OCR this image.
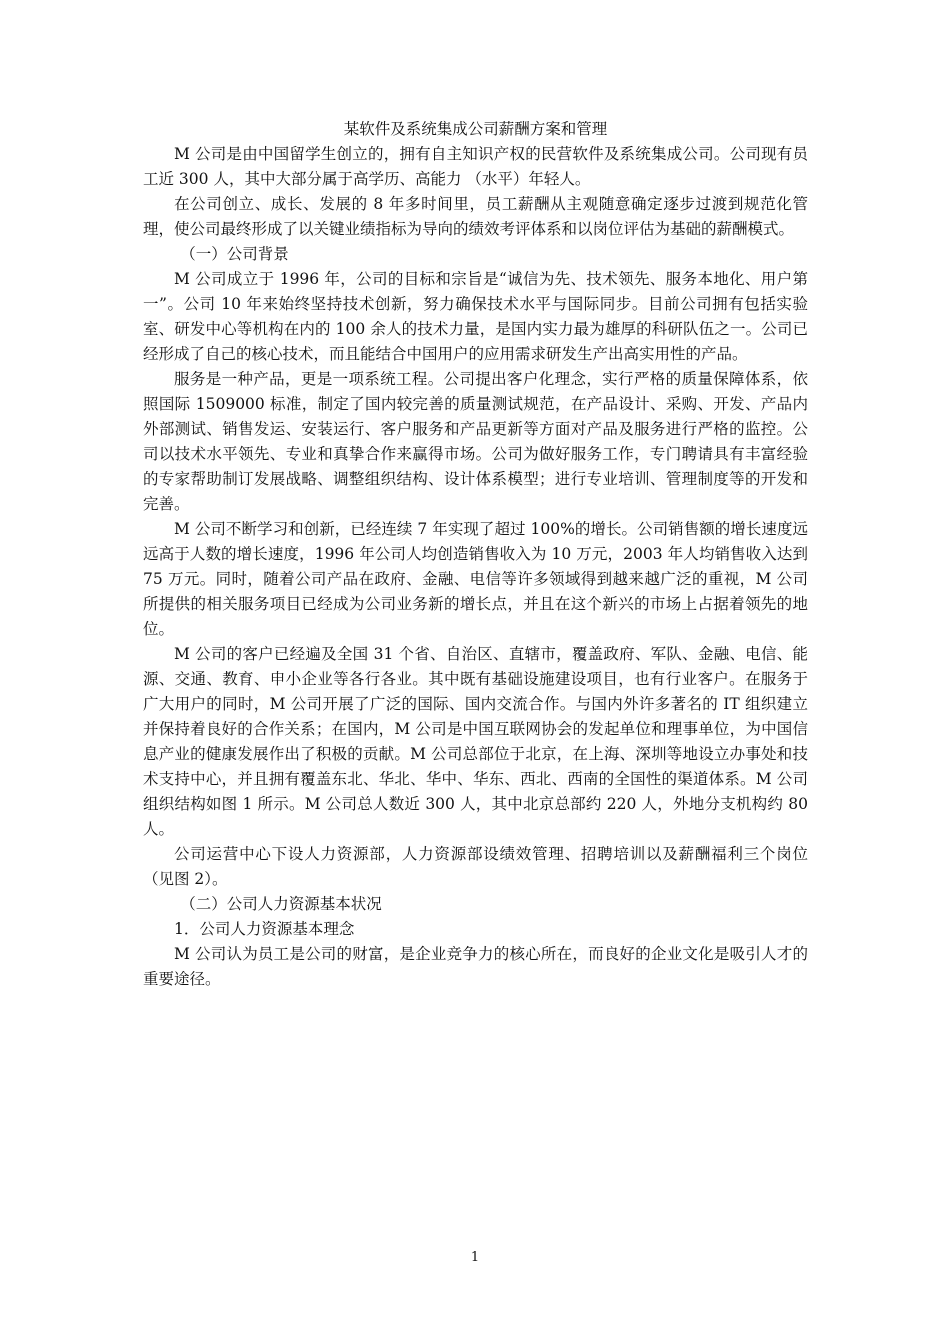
某软件及系统集成公司薪酬方案和管理

M 公司是由中国留学生创立的，拥有自主知识产权的民营软件及系统集成公司。公司现有员工近 300 人，其中大部分属于高学历、高能力 （水平）年轻人。

在公司创立、成长、发展的 8 年多时间里，员工薪酬从主观随意确定逐步过渡到规范化管理，使公司最终形成了以关键业绩指标为导向的绩效考评体系和以岗位评估为基础的薪酬模式。

（一）公司背景

M 公司成立于 1996 年，公司的目标和宗旨是“诚信为先、技术领先、服务本地化、用户第一”。公司 10 年来始终坚持技术创新，努力确保技术水平与国际同步。目前公司拥有包括实验室、研发中心等机构在内的 100 余人的技术力量，是国内实力最为雄厚的科研队伍之一。公司已经形成了自己的核心技术，而且能结合中国用户的应用需求研发生产出高实用性的产品。

服务是一种产品，更是一项系统工程。公司提出客户化理念，实行严格的质量保障体系，依照国际 1509000 标准，制定了国内较完善的质量测试规范，在产品设计、采购、开发、产品内外部测试、销售发运、安装运行、客户服务和产品更新等方面对产品及服务进行严格的监控。公司以技术水平领先、专业和真挚合作来赢得市场。公司为做好服务工作，专门聘请具有丰富经验的专家帮助制订发展战略、调整组织结构、设计体系模型；进行专业培训、管理制度等的开发和完善。

M 公司不断学习和创新，已经连续 7 年实现了超过 100%的增长。公司销售额的增长速度远远高于人数的增长速度，1996 年公司人均创造销售收入为 10 万元，2003 年人均销售收入达到 75 万元。同时，随着公司产品在政府、金融、电信等许多领域得到越来越广泛的重视，M 公司所提供的相关服务项目已经成为公司业务新的增长点，并且在这个新兴的市场上占据着领先的地位。

M 公司的客户已经遍及全国 31 个省、自治区、直辖市，覆盖政府、军队、金融、电信、能源、交通、教育、申小企业等各行各业。其中既有基础设施建设项目，也有行业客户。在服务于广大用户的同时，M 公司开展了广泛的国际、国内交流合作。与国内外许多著名的 IT 组织建立并保持着良好的合作关系；在国内，M 公司是中国互联网协会的发起单位和理事单位，为中国信息产业的健康发展作出了积极的贡献。M 公司总部位于北京，在上海、深圳等地设立办事处和技术支持中心，并且拥有覆盖东北、华北、华中、华东、西北、西南的全国性的渠道体系。M 公司组织结构如图 1 所示。M 公司总人数近 300 人，其中北京总部约 220 人，外地分支机构约 80 人。

公司运营中心下设人力资源部，人力资源部设绩效管理、招聘培训以及薪酬福利三个岗位 （见图 2）。

（二）公司人力资源基本状况

1．公司人力资源基本理念

M 公司认为员工是公司的财富，是企业竞争力的核心所在，而良好的企业文化是吸引人才的重要途径。

1
